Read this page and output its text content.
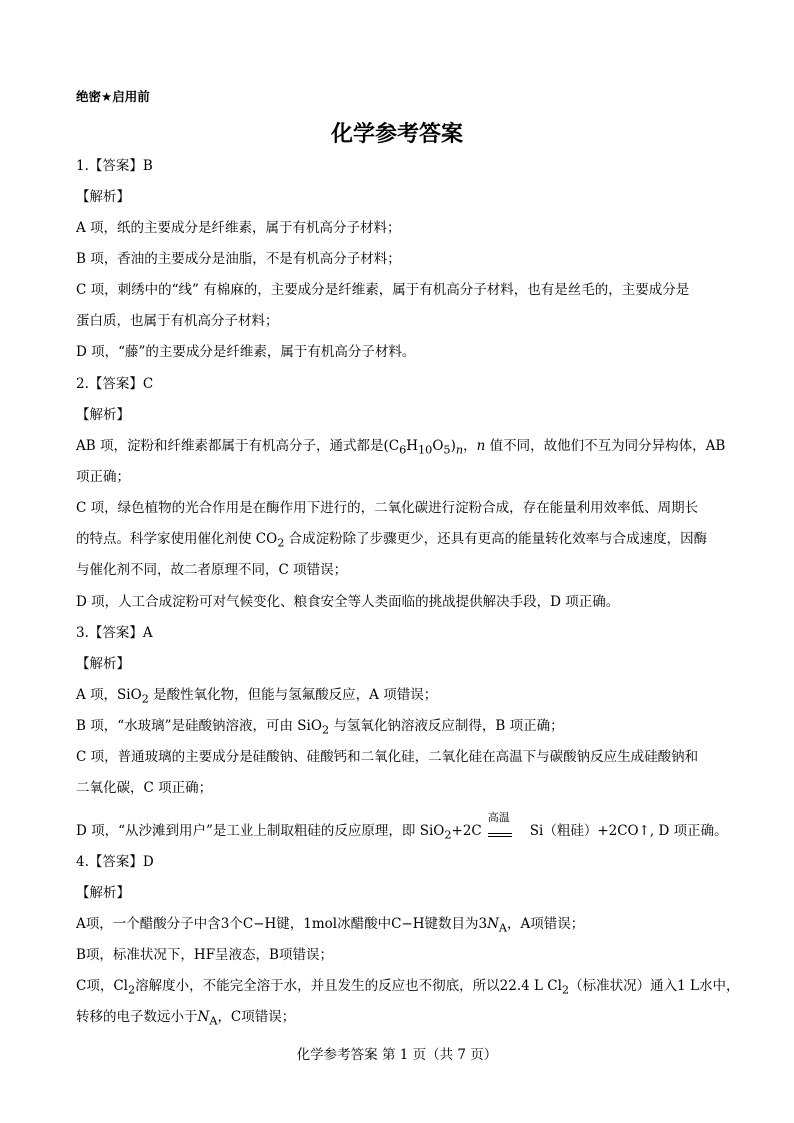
绝密★启用前
化学参考答案
1.【答案】B
【解析】
A 项，纸的主要成分是纤维素，属于有机高分子材料；
B 项，香油的主要成分是油脂，不是有机高分子材料；
C 项，刺绣中的“线” 有棉麻的，主要成分是纤维素，属于有机高分子材料，也有是丝毛的，主要成分是
蛋白质，也属于有机高分子材料；
D 项，“藤”的主要成分是纤维素，属于有机高分子材料。
2.【答案】C
【解析】
AB 项，淀粉和纤维素都属于有机高分子，通式都是$(C_6H_{10}O_5)_n$，n 值不同，故他们不互为同分异构体，AB
项正确；
C 项，绿色植物的光合作用是在酶作用下进行的，二氧化碳进行淀粉合成，存在能量利用效率低、周期长
的特点。科学家使用催化剂使 $CO_2$ 合成淀粉除了步骤更少，还具有更高的能量转化效率与合成速度，因酶
与催化剂不同，故二者原理不同，C 项错误；
D 项，人工合成淀粉可对气候变化、粮食安全等人类面临的挑战提供解决手段，D 项正确。
3.【答案】A
【解析】
A 项，SiO$_2$ 是酸性氧化物，但能与氢氟酸反应，A 项错误；
B 项，“水玻璃”是硅酸钠溶液，可由 SiO$_2$ 与氢氧化钠溶液反应制得，B 项正确；
C 项，普通玻璃的主要成分是硅酸钠、硅酸钙和二氧化硅，二氧化硅在高温下与碳酸钠反应生成硅酸钠和
二氧化碳，C 项正确；
D 项，“从沙滩到用户”是工业上制取粗硅的反应原理，即 SiO$_2$+2C
高温
Si（粗硅）+2CO↑, D 项正确。
4.【答案】D
【解析】
A项，一个醋酸分子中含3个C−H键，1mol冰醋酸中C−H键数目为$3N_A$，A项错误；
B项，标准状况下，HF呈液态，B项错误；
C项，$Cl_2$溶解度小，不能完全溶于水，并且发生的反应也不彻底，所以22.4 L $Cl_2$（标准状况）通入1 L水中，
转移的电子数远小于$N_A$，C项错误；
化学参考答案 第 1 页（共 7 页）
